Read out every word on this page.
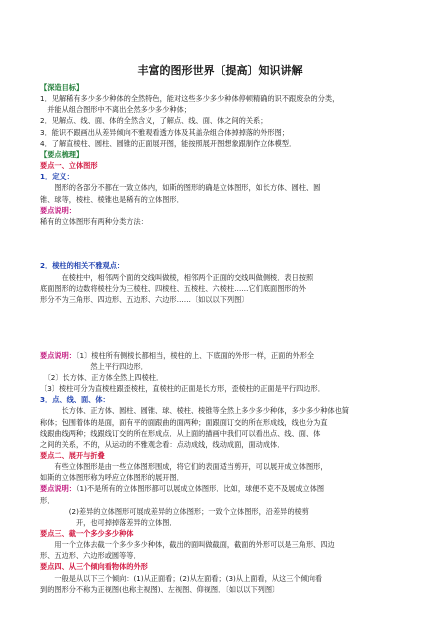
丰富的图形世界〔提高〕知识讲解
【深造目标】
1．见解稀有多少多少种体的全然特色，能对这些多少多少种体停顿精确的识不跟废杂的分类，
　并能从组合图形中不离出全然多少多少种体；
2．见解点、线、面、体的全然含义，了解点、线、面、体之间的关系；
3．能识不跟画出从差异倾向不雅观看透方体及其盖杂组合体掉掉落的外形图；
4．了解直棱柱、圆柱、圆锥的正面展开图，能按照展开图想象跟制作立体模型．
【要点梳理】
要点一、立体图形
1．定义：
　　图形的各部分不都在一致立体内，如斯的图形的确是立体图形，如长方体、圆柱、圆
锥、球等，棱柱、棱锥也是稀有的立体图形．
要点说明：
稀有的立体图形有两种分类方法：
2．棱柱的相关不雅观点：
　　　在棱柱中，相邻两个面的交线叫做棱，相邻两个正面的交线叫做侧棱．表日按照
底面图形的边数将棱柱分为三棱柱、四棱柱、五棱柱、六棱柱……它们底面图形的外
形分不为三角形、四边形、五边形、六边形……〔如以以下列图〕
要点说明：〔1〕棱柱所有侧棱长都相当，棱柱的上、下底面的外形一样，正面的外形全
　　　　　　　然上平行四边形．
　〔2〕长方体、正方体全然上四棱柱．
〔3〕棱柱可分为直棱柱跟歪棱柱，直棱柱的正面是长方形，歪棱柱的正面是平行四边形．
3．点、线、面、体：
　　　长方体、正方体、圆柱、圆锥、球、棱柱、棱锥等全然上多少多少种体，多少多少种体也简
称体；包围着体的是面，面有平的面跟曲的面两种；面跟面订交的所在形成线，线也分为直
线跟曲线两种；线跟线订交的所在形成点．从上面的描画中我们可以看出点、线、面、体
之间的关系，不的，从运动的不雅观念看：点动成线，线动成面，面动成体．
要点二、展开与折叠
　　有些立体图形是由一些立体图形围成，将它们的表面适当剪开，可以展开成立体图形，
如斯的立体图形称为呼应立体图形的展开图．
要点说明：（1)不是所有的立体图形都可以展成立体图形．比如，球便不克不及展成立体图
形．
　　　　(2)差异的立体图形可展成差异的立体图形；一致个立体图形，沿差异的棱剪
　　　　　开，也可掉掉落差异的立体图．
要点三、截一个多少多少种体
　　用一个立体去截一个多少多少种体，截出的面叫做截面，截面的外形可以是三角形、四边
形、五边形、六边形或圆等等．
要点四、从三个倾向看物体的外形
　　一般是从以下三个倾向：(1)从正面看；(2)从左面看；(3)从上面看，从这三个倾向看
到的图形分不称为正视图(也称主视图)、左视图、仰视图．〔如以以下列图〕
